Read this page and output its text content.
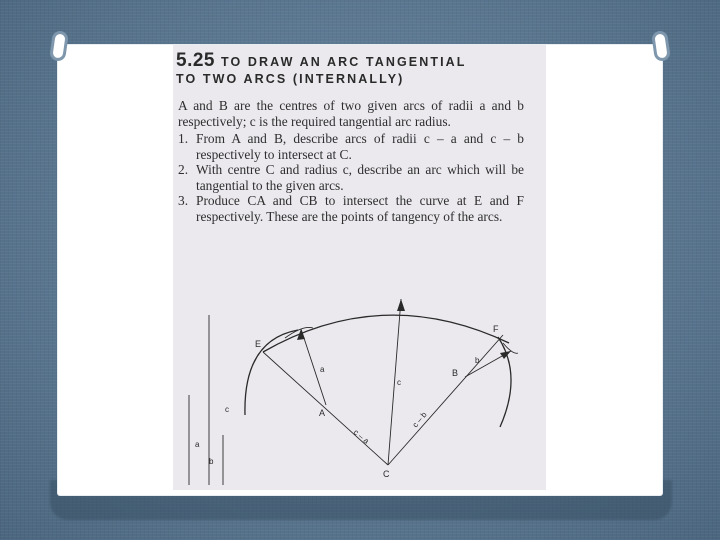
5.25 TO DRAW AN ARC TANGENTIAL
TO TWO ARCS (INTERNALLY)

A and B are the centres of two given arcs of radii a and b respectively; c is the required tangential arc radius.

1. From A and B, describe arcs of radii c – a and c – b respectively to intersect at C.
2. With centre C and radius c, describe an arc which will be tangential to the given arcs.
3. Produce CA and CB to intersect the curve at E and F respectively. These are the points of tangency of the arcs.
E
F
A
B
C
a
b
c
c – a
c – b
c
a
b
